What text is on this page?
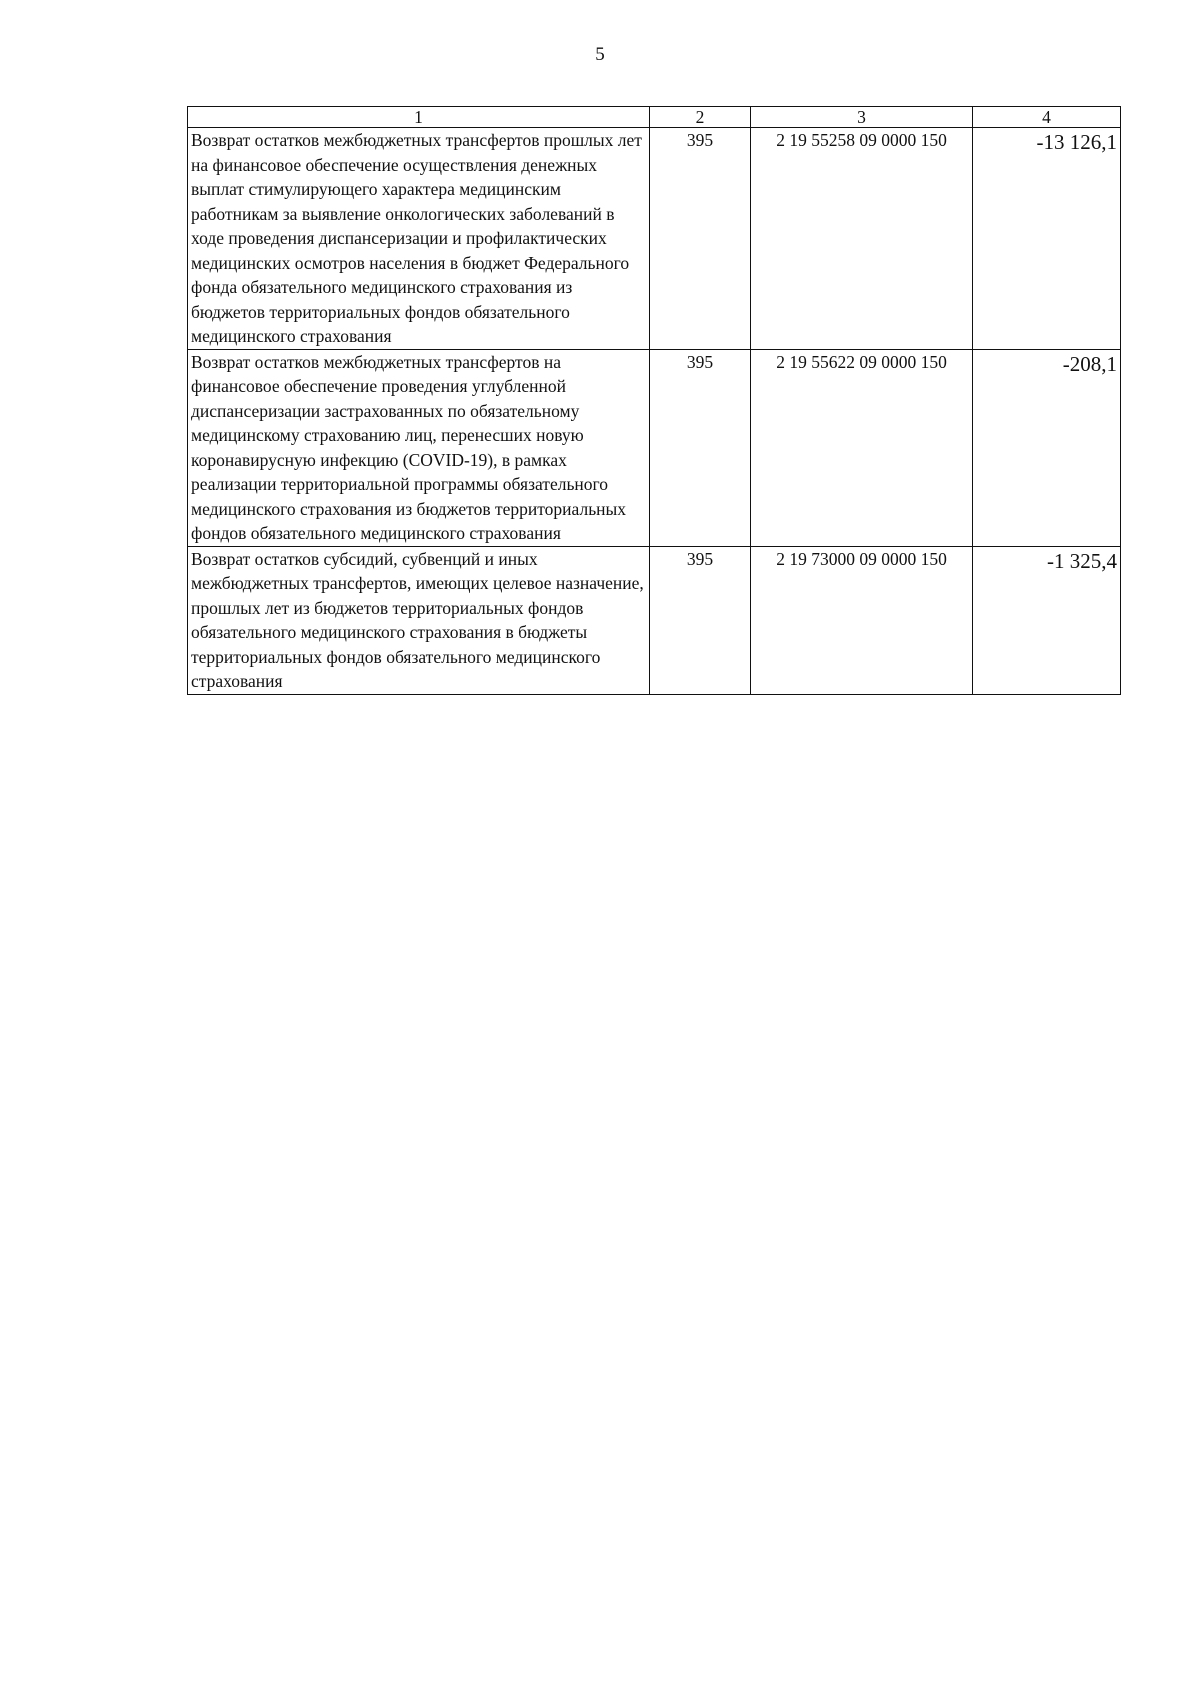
5
1	2	3	4
Возврат остатков межбюджетных трансфертов прошлых лет на финансовое обеспечение осуществления денежных выплат стимулирующего характера медицинским работникам за выявление онкологических заболеваний в ходе проведения диспансеризации и профилактических медицинских осмотров населения в бюджет Федерального фонда обязательного медицинского страхования из бюджетов территориальных фондов обязательного медицинского страхования	395	2 19 55258 09 0000 150	-13 126,1
Возврат остатков межбюджетных трансфертов на финансовое обеспечение проведения углубленной диспансеризации застрахованных по обязательному медицинскому страхованию лиц, перенесших новую коронавирусную инфекцию (COVID-19), в рамках реализации территориальной программы обязательного медицинского страхования из бюджетов территориальных фондов обязательного медицинского страхования	395	2 19 55622 09 0000 150	-208,1
Возврат остатков субсидий, субвенций и иных межбюджетных трансфертов, имеющих целевое назначение, прошлых лет из бюджетов территориальных фондов обязательного медицинского страхования в бюджеты территориальных фондов обязательного медицинского страхования	395	2 19 73000 09 0000 150	-1 325,4
